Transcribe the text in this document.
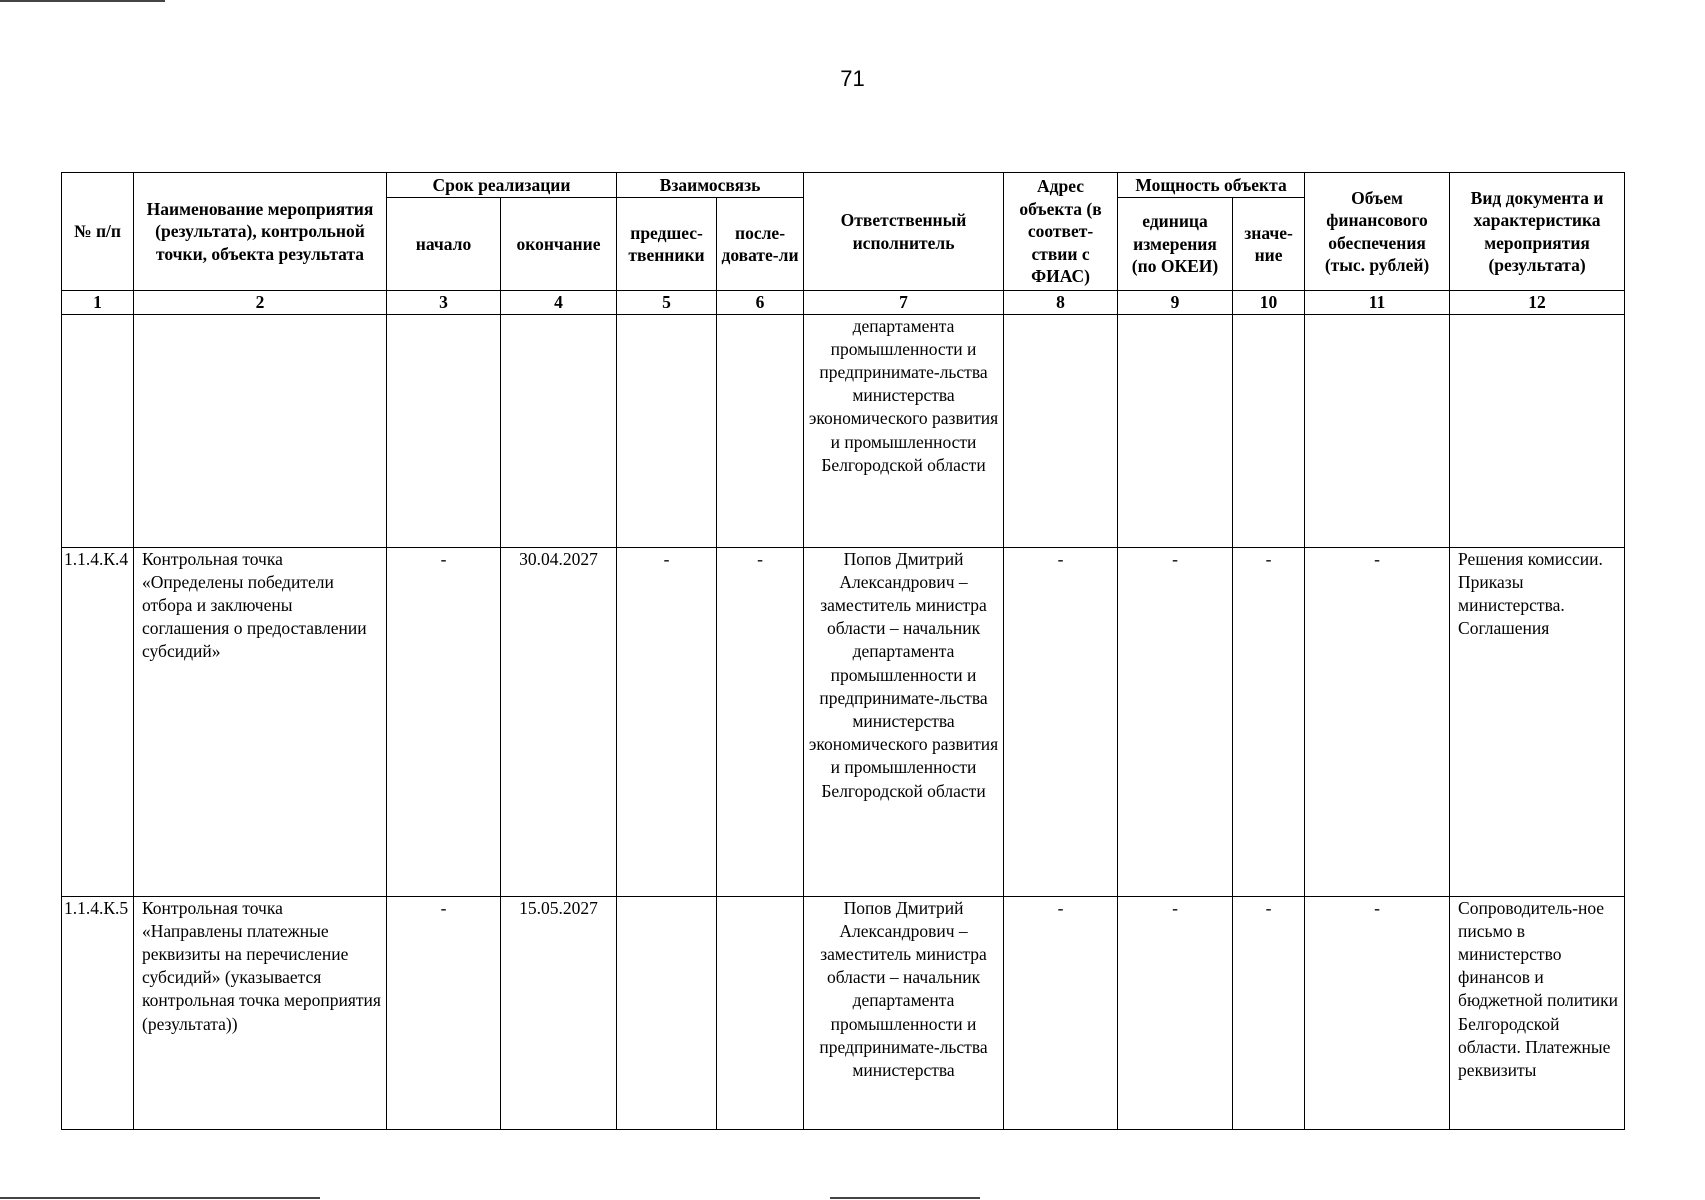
71
№ п/п	Наименование мероприятия (результата), контрольной точки, объекта результата	Срок реализации		Взаимосвязь		Ответственный исполнитель	Адрес объекта (в соответ-ствии с ФИАС)	Мощность объекта		Объем финансового обеспечения (тыс. рублей)	Вид документа и характеристика мероприятия (результата)
		начало	окончание	предшес-твенники	после-довате-ли			единица измерения (по ОКЕИ)	значе-ние		
1	2	3	4	5	6	7	8	9	10	11	12
						департамента промышленности и предпринимате-льства министерства экономического развития и промышленности Белгородской области					
1.1.4.К.4	Контрольная точка «Определены победители отбора и заключены соглашения о предоставлении субсидий»	-	30.04.2027	-	-	Попов Дмитрий Александрович – заместитель министра области – начальник департамента промышленности и предпринимате-льства министерства экономического развития и промышленности Белгородской области	-	-	-	-	Решения комиссии. Приказы министерства. Соглашения
1.1.4.К.5	Контрольная точка «Направлены платежные реквизиты на перечисление субсидий» (указывается контрольная точка мероприятия (результата))	-	15.05.2027			Попов Дмитрий Александрович – заместитель министра области – начальник департамента промышленности и предпринимате-льства министерства	-	-	-	-	Сопроводитель-ное письмо в министерство финансов и бюджетной политики Белгородской области. Платежные реквизиты
